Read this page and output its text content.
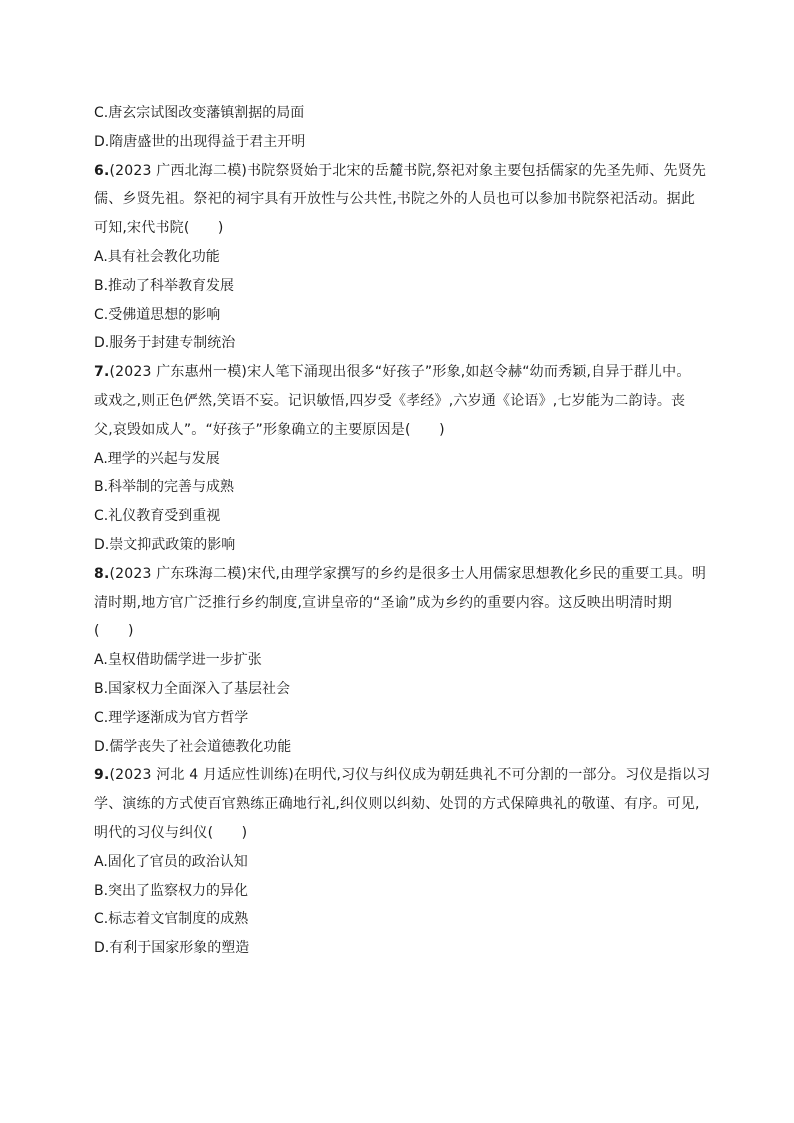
C.唐玄宗试图改变藩镇割据的局面
D.隋唐盛世的出现得益于君主开明
6.(2023 广西北海二模)书院祭贤始于北宋的岳麓书院,祭祀对象主要包括儒家的先圣先师、先贤先
儒、乡贤先祖。祭祀的祠宇具有开放性与公共性,书院之外的人员也可以参加书院祭祀活动。据此
可知,宋代书院(　　)
A.具有社会教化功能
B.推动了科举教育发展
C.受佛道思想的影响
D.服务于封建专制统治
7.(2023 广东惠州一模)宋人笔下涌现出很多“好孩子”形象,如赵令赫“幼而秀颖,自异于群儿中。
或戏之,则正色俨然,笑语不妄。记识敏悟,四岁受《孝经》,六岁通《论语》,七岁能为二韵诗。丧
父,哀毁如成人”。“好孩子”形象确立的主要原因是(　　)
A.理学的兴起与发展
B.科举制的完善与成熟
C.礼仪教育受到重视
D.崇文抑武政策的影响
8.(2023 广东珠海二模)宋代,由理学家撰写的乡约是很多士人用儒家思想教化乡民的重要工具。明
清时期,地方官广泛推行乡约制度,宣讲皇帝的“圣谕”成为乡约的重要内容。这反映出明清时期
(　　)
A.皇权借助儒学进一步扩张
B.国家权力全面深入了基层社会
C.理学逐渐成为官方哲学
D.儒学丧失了社会道德教化功能
9.(2023 河北 4 月适应性训练)在明代,习仪与纠仪成为朝廷典礼不可分割的一部分。习仪是指以习
学、演练的方式使百官熟练正确地行礼,纠仪则以纠劾、处罚的方式保障典礼的敬谨、有序。可见,
明代的习仪与纠仪(　　)
A.固化了官员的政治认知
B.突出了监察权力的异化
C.标志着文官制度的成熟
D.有利于国家形象的塑造
